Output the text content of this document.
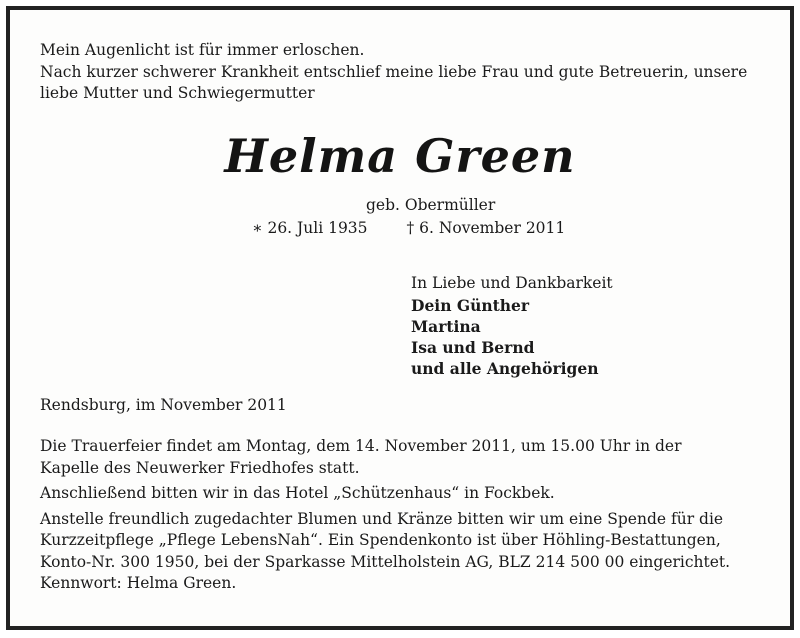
Mein Augenlicht ist für immer erloschen.
Nach kurzer schwerer Krankheit entschlief meine liebe Frau und gute Betreuerin, unsere
liebe Mutter und Schwiegermutter
Helma Green
geb. Obermüller
∗ 26. Juli 1935	† 6. November 2011
In Liebe und Dankbarkeit
Dein Günther
Martina
Isa und Bernd
und alle Angehörigen
Rendsburg, im November 2011

Die Trauerfeier findet am Montag, dem 14. November 2011, um 15.00 Uhr in der
Kapelle des Neuwerker Friedhofes statt.

Anschließend bitten wir in das Hotel „Schützenhaus“ in Fockbek.

Anstelle freundlich zugedachter Blumen und Kränze bitten wir um eine Spende für die
Kurzzeitpflege „Pflege LebensNah“. Ein Spendenkonto ist über Höhling-Bestattungen,
Konto-Nr. 300 1950, bei der Sparkasse Mittelholstein AG, BLZ 214 500 00 eingerichtet.
Kennwort: Helma Green.
